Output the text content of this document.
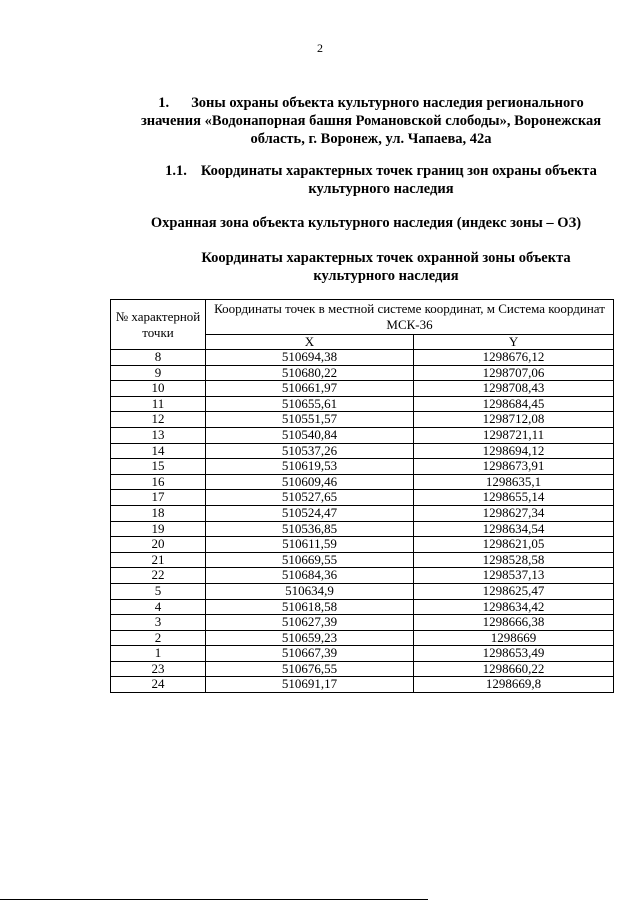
2
1. Зоны охраны объекта культурного наследия регионального значения «Водонапорная башня Романовской слободы», Воронежская область, г. Воронеж, ул. Чапаева, 42а
1.1. Координаты характерных точек границ зон охраны объекта культурного наследия
Охранная зона объекта культурного наследия (индекс зоны – ОЗ)
Координаты характерных точек охранной зоны объекта культурного наследия
№ характерной точки	Координаты точек в местной системе координат, м Система координат МСК-36	
	X	Y
8	510694,38	1298676,12
9	510680,22	1298707,06
10	510661,97	1298708,43
11	510655,61	1298684,45
12	510551,57	1298712,08
13	510540,84	1298721,11
14	510537,26	1298694,12
15	510619,53	1298673,91
16	510609,46	1298635,1
17	510527,65	1298655,14
18	510524,47	1298627,34
19	510536,85	1298634,54
20	510611,59	1298621,05
21	510669,55	1298528,58
22	510684,36	1298537,13
5	510634,9	1298625,47
4	510618,58	1298634,42
3	510627,39	1298666,38
2	510659,23	1298669
1	510667,39	1298653,49
23	510676,55	1298660,22
24	510691,17	1298669,8
